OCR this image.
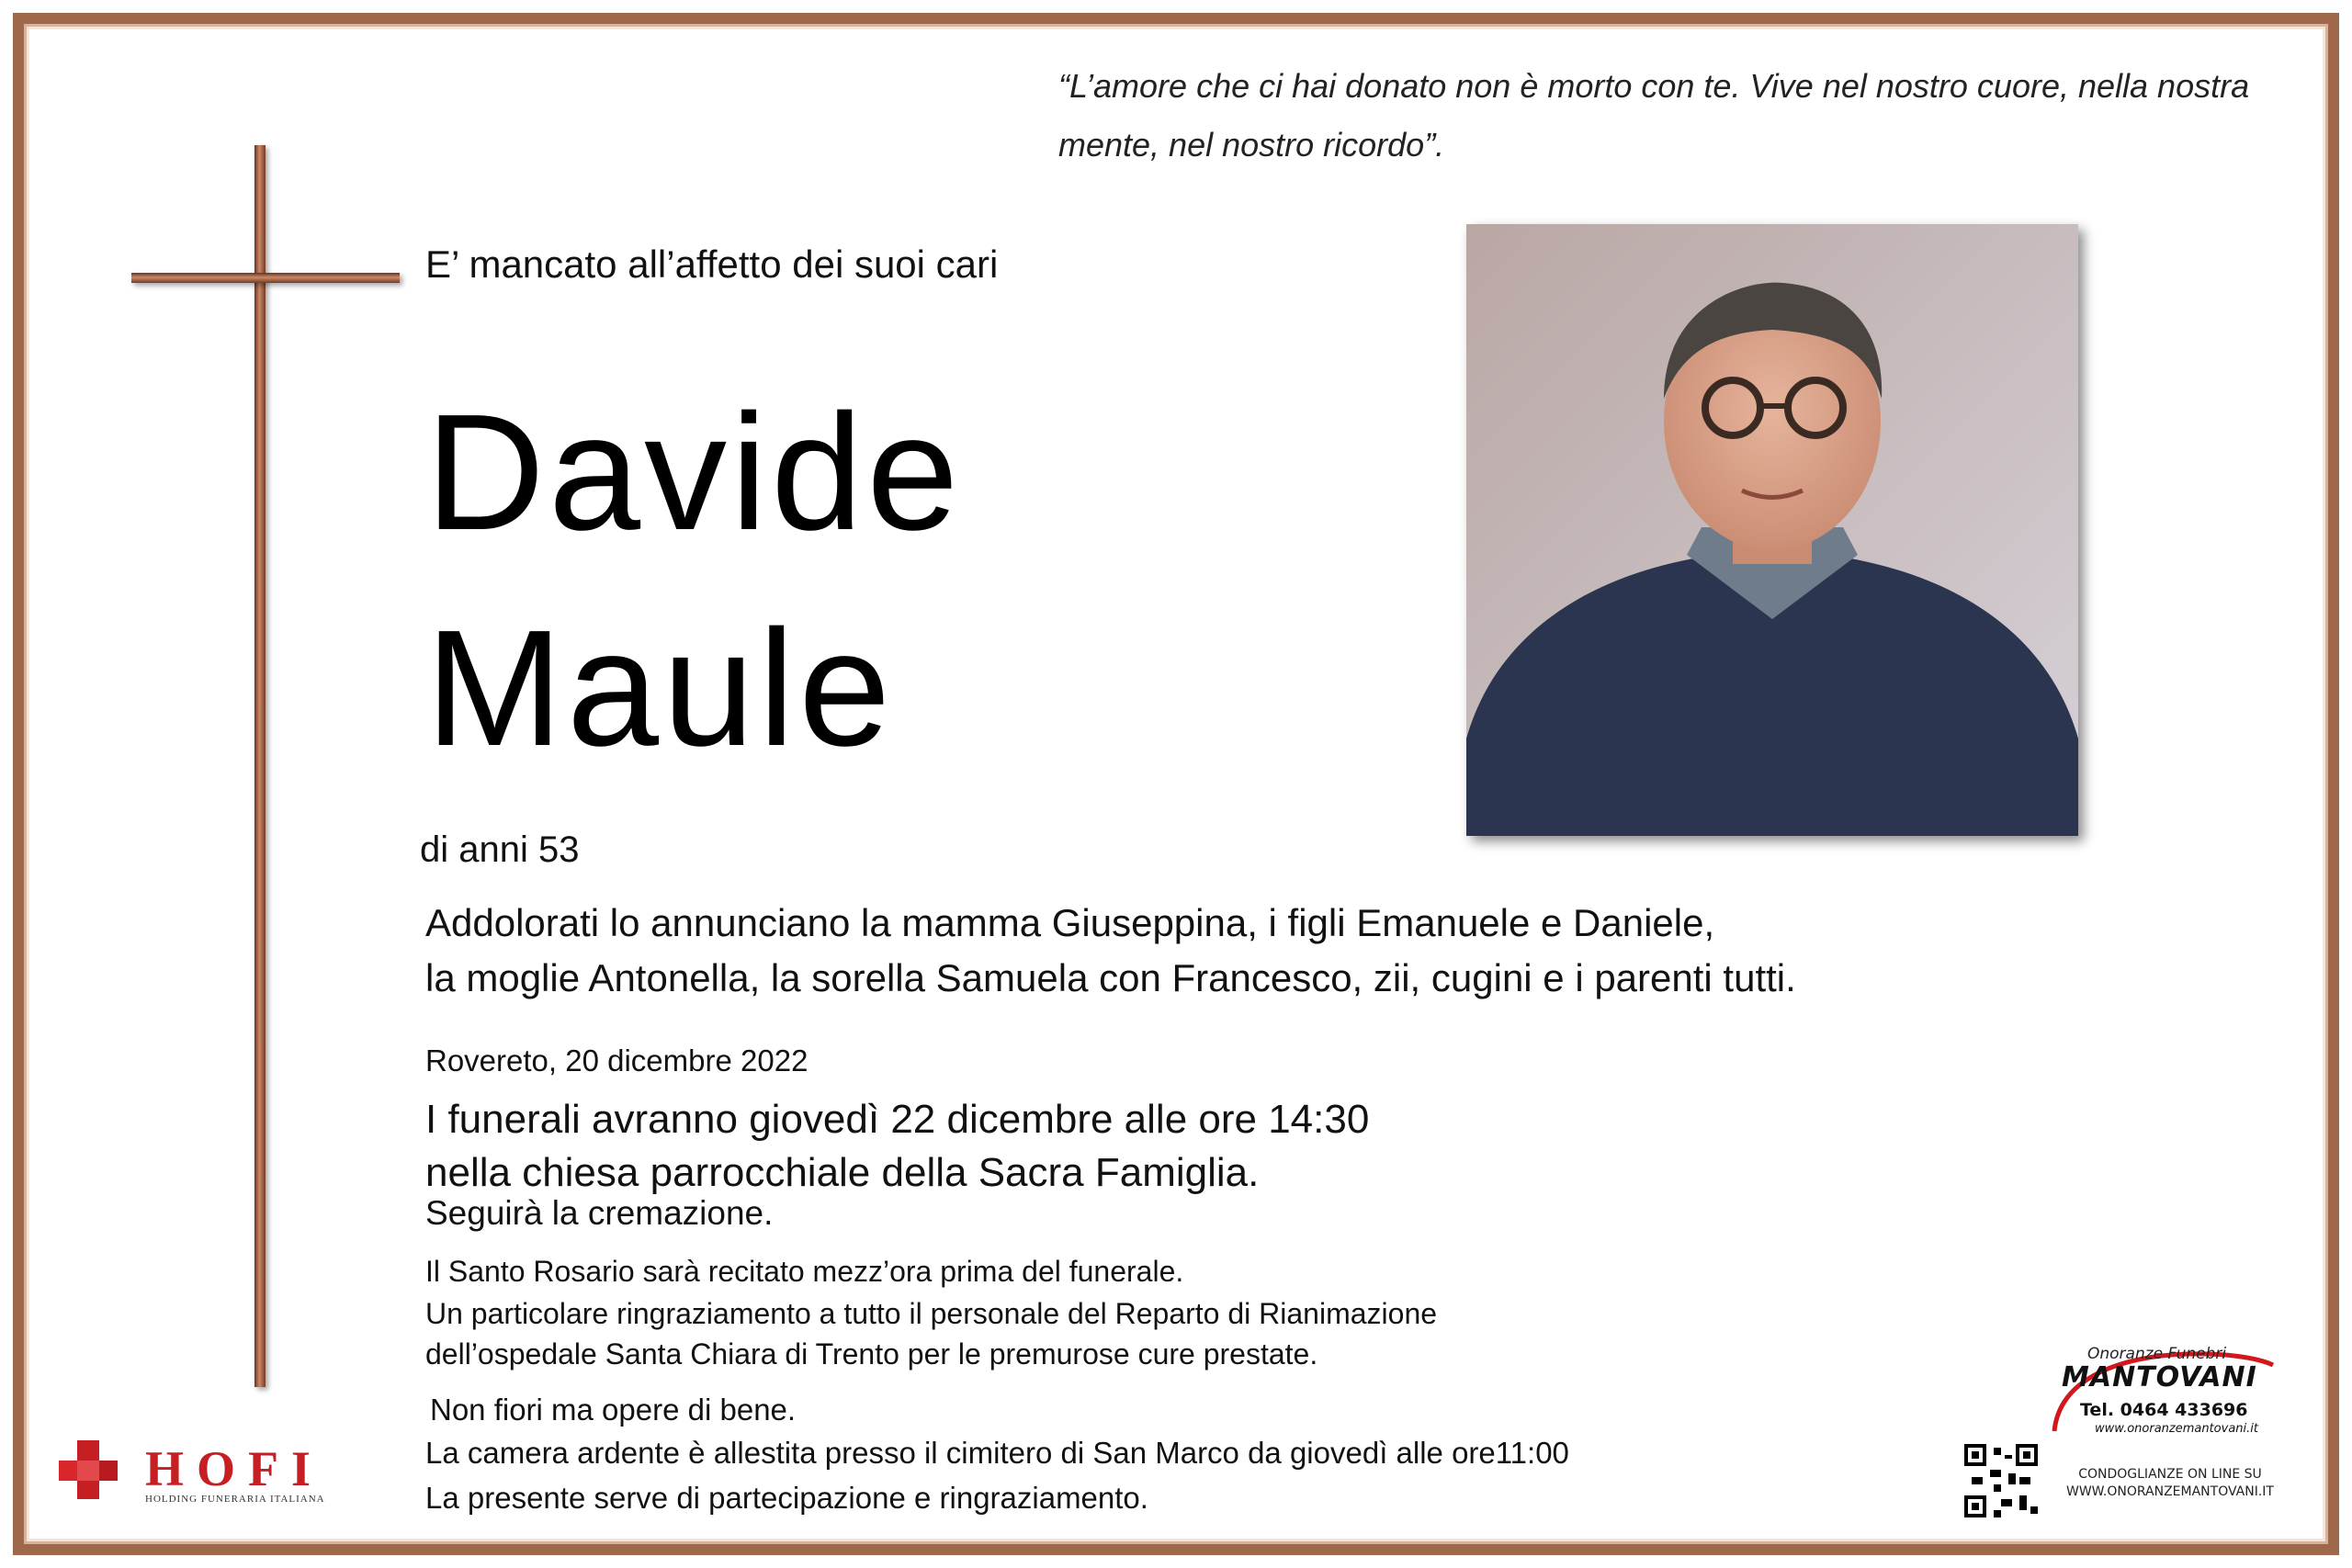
“L’amore che ci hai donato non è morto con te. Vive nel nostro cuore, nella nostra mente, nel nostro ricordo”.
E’ mancato all’affetto dei suoi cari
Davide
Maule
di anni 53
Addolorati lo annunciano la mamma Giuseppina, i figli Emanuele e Daniele,
la moglie Antonella, la sorella Samuela con Francesco, zii, cugini e i parenti tutti.
Rovereto, 20 dicembre 2022
I funerali avranno giovedì 22 dicembre alle ore 14:30
nella chiesa parrocchiale della Sacra Famiglia.
Seguirà la cremazione.
Il Santo Rosario sarà recitato mezz’ora prima del funerale.
Un particolare ringraziamento a tutto il personale del Reparto di Rianimazione
dell’ospedale Santa Chiara di Trento per le premurose cure prestate.
Non fiori ma opere di bene.
La camera ardente è allestita presso il cimitero di San Marco da giovedì alle ore11:00
La presente serve di partecipazione e ringraziamento.
HOFI
HOLDING FUNERARIA ITALIANA
Onoranze Funebri
MANTOVANI
Tel. 0464 433696
www.onoranzemantovani.it
CONDOGLIANZE ON LINE SU
WWW.ONORANZEMANTOVANI.IT
